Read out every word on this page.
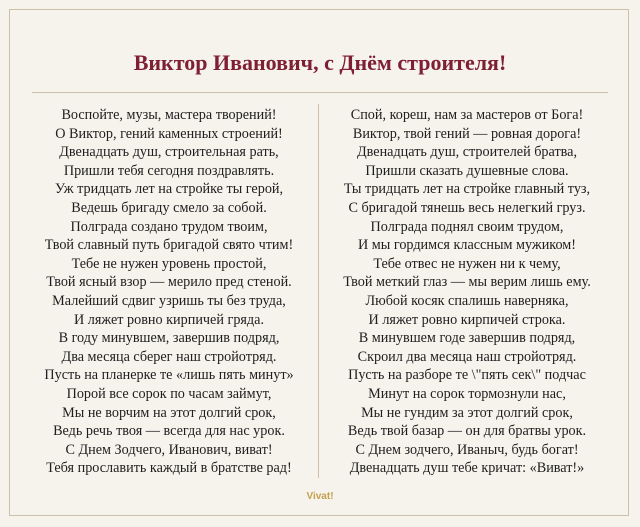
Виктор Иванович, с Днём строителя!
Воспойте, музы, мастера творений!
О Виктор, гений каменных строений!
Двенадцать душ, строительная рать,
Пришли тебя сегодня поздравлять.
Уж тридцать лет на стройке ты герой,
Ведешь бригаду смело за собой.
Полграда создано трудом твоим,
Твой славный путь бригадой свято чтим!
Тебе не нужен уровень простой,
Твой ясный взор — мерило пред стеной.
Малейший сдвиг узришь ты без труда,
И ляжет ровно кирпичей гряда.
В году минувшем, завершив подряд,
Два месяца сберег наш стройотряд.
Пусть на планерке те «лишь пять минут»
Порой все сорок по часам займут,
Мы не ворчим на этот долгий срок,
Ведь речь твоя — всегда для нас урок.
С Днем Зодчего, Иванович, виват!
Тебя прославить каждый в братстве рад!
Спой, кореш, нам за мастеров от Бога!
Виктор, твой гений — ровная дорога!
Двенадцать душ, строителей братва,
Пришли сказать душевные слова.
Ты тридцать лет на стройке главный туз,
С бригадой тянешь весь нелегкий груз.
Полграда поднял своим трудом,
И мы гордимся классным мужиком!
Тебе отвес не нужен ни к чему,
Твой меткий глаз — мы верим лишь ему.
Любой косяк спалишь наверняка,
И ляжет ровно кирпичей строка.
В минувшем годе завершив подряд,
Скроил два месяца наш стройотряд.
Пусть на разборе те \"пять сек\" подчас
Минут на сорок тормознули нас,
Мы не гундим за этот долгий срок,
Ведь твой базар — он для братвы урок.
С Днем зодчего, Иваныч, будь богат!
Двенадцать душ тебе кричат: «Виват!»
Vivat!
